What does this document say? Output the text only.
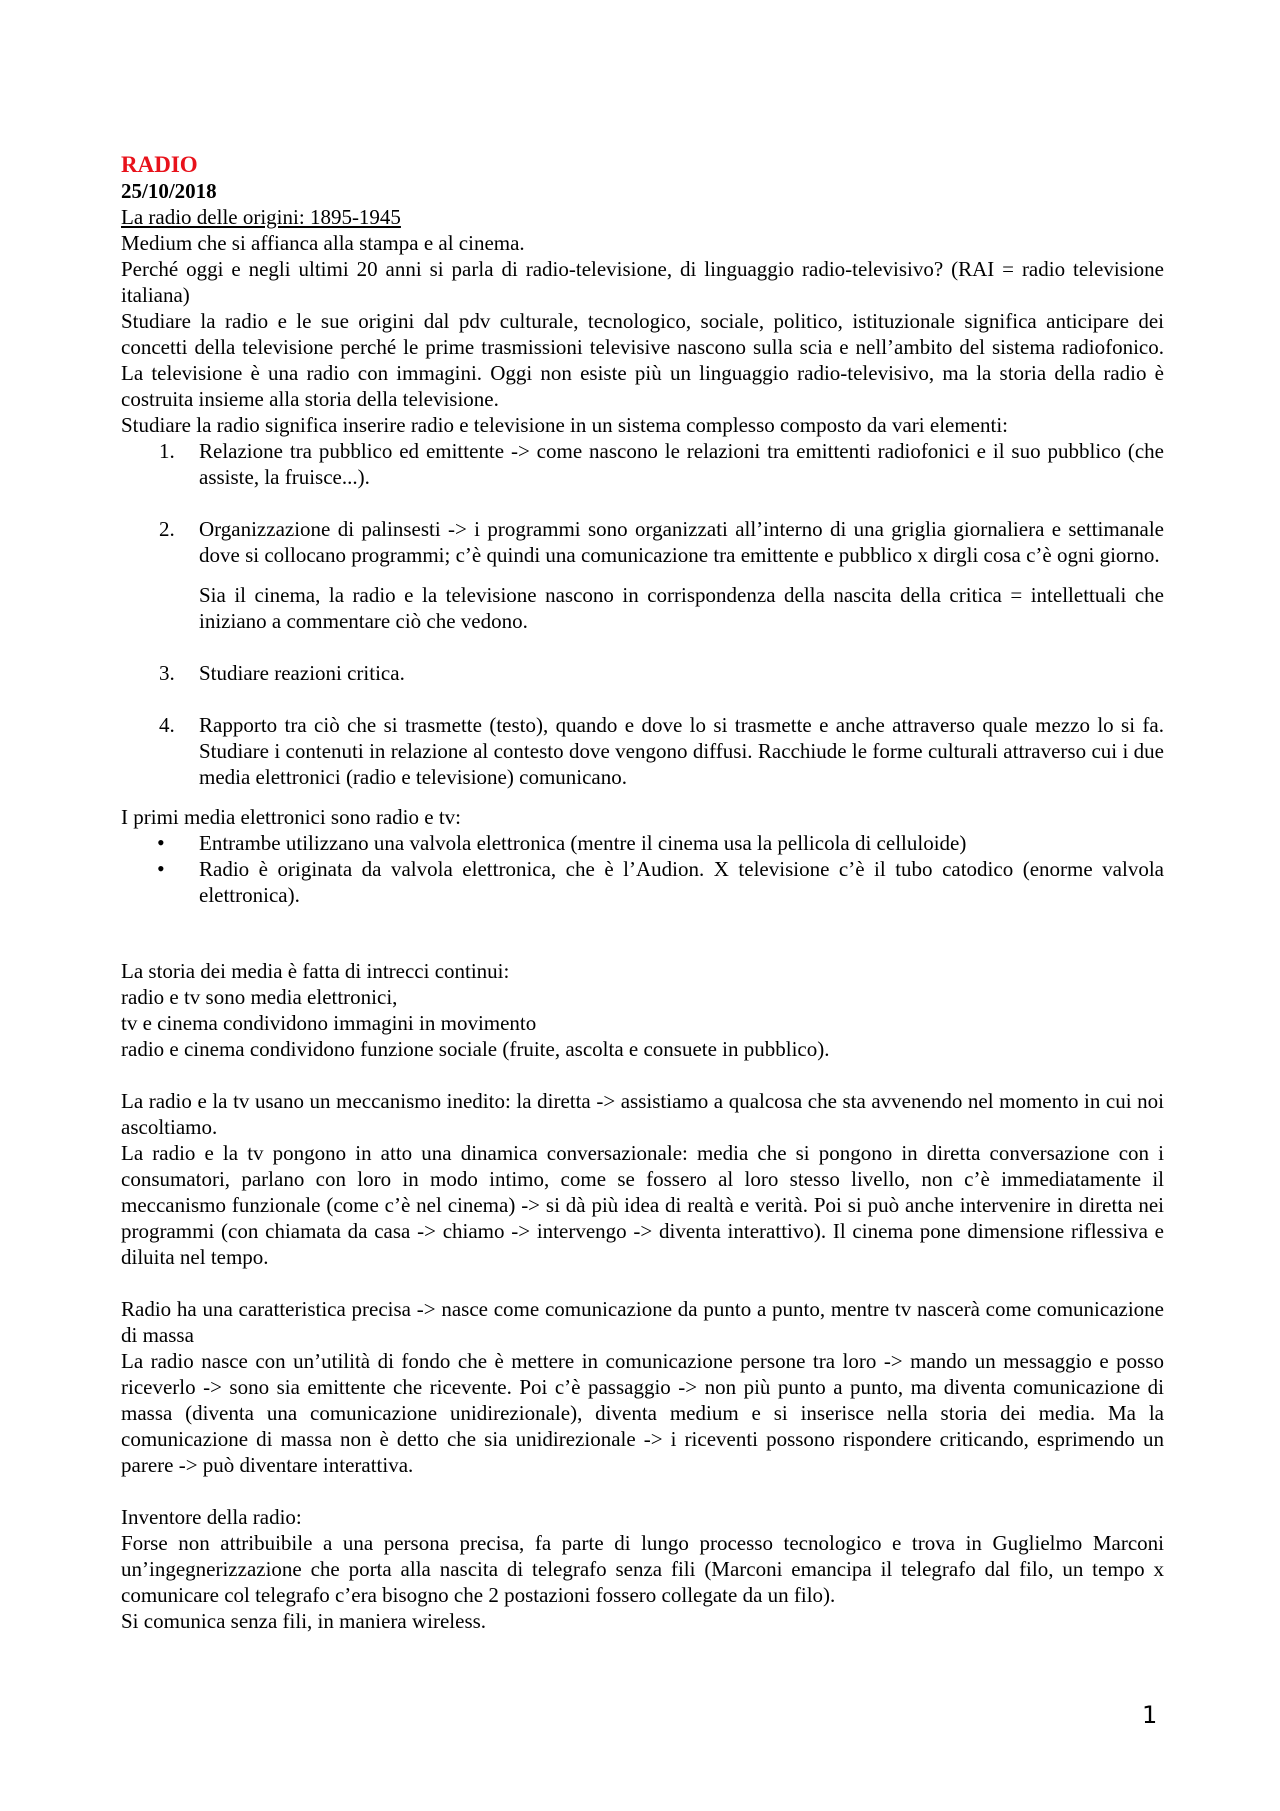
RADIO
25/10/2018
La radio delle origini: 1895-1945

Medium che si affianca alla stampa e al cinema.

Perché oggi e negli ultimi 20 anni si parla di radio-televisione, di linguaggio radio-televisivo? (RAI = radio televisione italiana)

Studiare la radio e le sue origini dal pdv culturale, tecnologico, sociale, politico, istituzionale significa anticipare dei concetti della televisione perché le prime trasmissioni televisive nascono sulla scia e nell’ambito del sistema radiofonico. La televisione è una radio con immagini. Oggi non esiste più un linguaggio radio-televisivo, ma la storia della radio è costruita insieme alla storia della televisione.

Studiare la radio significa inserire radio e televisione in un sistema complesso composto da vari elementi:

1. Relazione tra pubblico ed emittente -> come nascono le relazioni tra emittenti radiofonici e il suo pubblico (che assiste, la fruisce...).
2. Organizzazione di palinsesti -> i programmi sono organizzati all’interno di una griglia giornaliera e settimanale dove si collocano programmi; c’è quindi una comunicazione tra emittente e pubblico x dirgli cosa c’è ogni giorno.
Sia il cinema, la radio e la televisione nascono in corrispondenza della nascita della critica = intellettuali che iniziano a commentare ciò che vedono.
3. Studiare reazioni critica.
4. Rapporto tra ciò che si trasmette (testo), quando e dove lo si trasmette e anche attraverso quale mezzo lo si fa. Studiare i contenuti in relazione al contesto dove vengono diffusi. Racchiude le forme culturali attraverso cui i due media elettronici (radio e televisione) comunicano.

I primi media elettronici sono radio e tv:

• Entrambe utilizzano una valvola elettronica (mentre il cinema usa la pellicola di celluloide)
• Radio è originata da valvola elettronica, che è l’Audion. X televisione c’è il tubo catodico (enorme valvola elettronica).

La storia dei media è fatta di intrecci continui:

radio e tv sono media elettronici,

tv e cinema condividono immagini in movimento

radio e cinema condividono funzione sociale (fruite, ascolta e consuete in pubblico).

La radio e la tv usano un meccanismo inedito: la diretta -> assistiamo a qualcosa che sta avvenendo nel momento in cui noi ascoltiamo.

La radio e la tv pongono in atto una dinamica conversazionale: media che si pongono in diretta conversazione con i consumatori, parlano con loro in modo intimo, come se fossero al loro stesso livello, non c’è immediatamente il meccanismo funzionale (come c’è nel cinema) -> si dà più idea di realtà e verità. Poi si può anche intervenire in diretta nei programmi (con chiamata da casa -> chiamo -> intervengo -> diventa interattivo). Il cinema pone dimensione riflessiva e diluita nel tempo.

Radio ha una caratteristica precisa -> nasce come comunicazione da punto a punto, mentre tv nascerà come comunicazione di massa

La radio nasce con un’utilità di fondo che è mettere in comunicazione persone tra loro -> mando un messaggio e posso riceverlo -> sono sia emittente che ricevente. Poi c’è passaggio -> non più punto a punto, ma diventa comunicazione di massa (diventa una comunicazione unidirezionale), diventa medium e si inserisce nella storia dei media. Ma la comunicazione di massa non è detto che sia unidirezionale -> i riceventi possono rispondere criticando, esprimendo un parere -> può diventare interattiva.

Inventore della radio:

Forse non attribuibile a una persona precisa, fa parte di lungo processo tecnologico e trova in Guglielmo Marconi un’ingegnerizzazione che porta alla nascita di telegrafo senza fili (Marconi emancipa il telegrafo dal filo, un tempo x comunicare col telegrafo c’era bisogno che 2 postazioni fossero collegate da un filo).

Si comunica senza fili, in maniera wireless.

1
